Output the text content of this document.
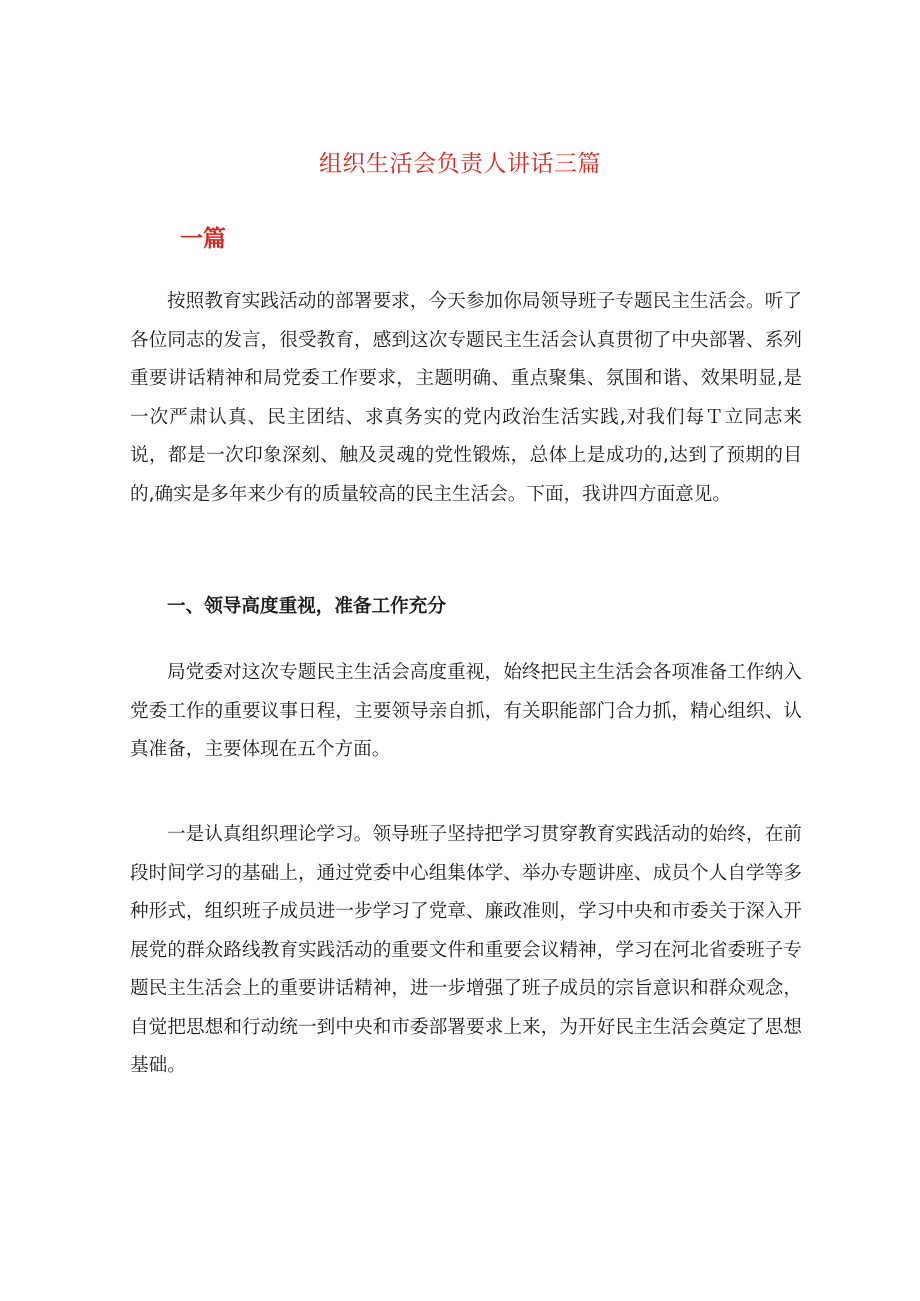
组织生活会负责人讲话三篇
一篇

按照教育实践活动的部署要求，今天参加你局领导班子专题民主生活会。听了各位同志的发言，很受教育，感到这次专题民主生活会认真贯彻了中央部署、系列重要讲话精神和局党委工作要求，主题明确、重点聚集、氛围和谐、效果明显,是一次严肃认真、民主团结、求真务实的党内政治生活实践,对我们每Ｔ立同志来说，都是一次印象深刻、触及灵魂的党性锻炼，总体上是成功的,达到了预期的目的,确实是多年来少有的质量较高的民主生活会。下面，我讲四方面意见。

一、领导高度重视，准备工作充分

局党委对这次专题民主生活会高度重视，始终把民主生活会各项准备工作纳入党委工作的重要议事日程，主要领导亲自抓，有关职能部门合力抓，精心组织、认真准备，主要体现在五个方面。

一是认真组织理论学习。领导班子坚持把学习贯穿教育实践活动的始终，在前段时间学习的基础上，通过党委中心组集体学、举办专题讲座、成员个人自学等多种形式，组织班子成员进一步学习了党章、廉政准则，学习中央和市委关于深入开展党的群众路线教育实践活动的重要文件和重要会议精神，学习在河北省委班子专题民主生活会上的重要讲话精神，进一步增强了班子成员的宗旨意识和群众观念，自觉把思想和行动统一到中央和市委部署要求上来，为开好民主生活会奠定了思想基础。
